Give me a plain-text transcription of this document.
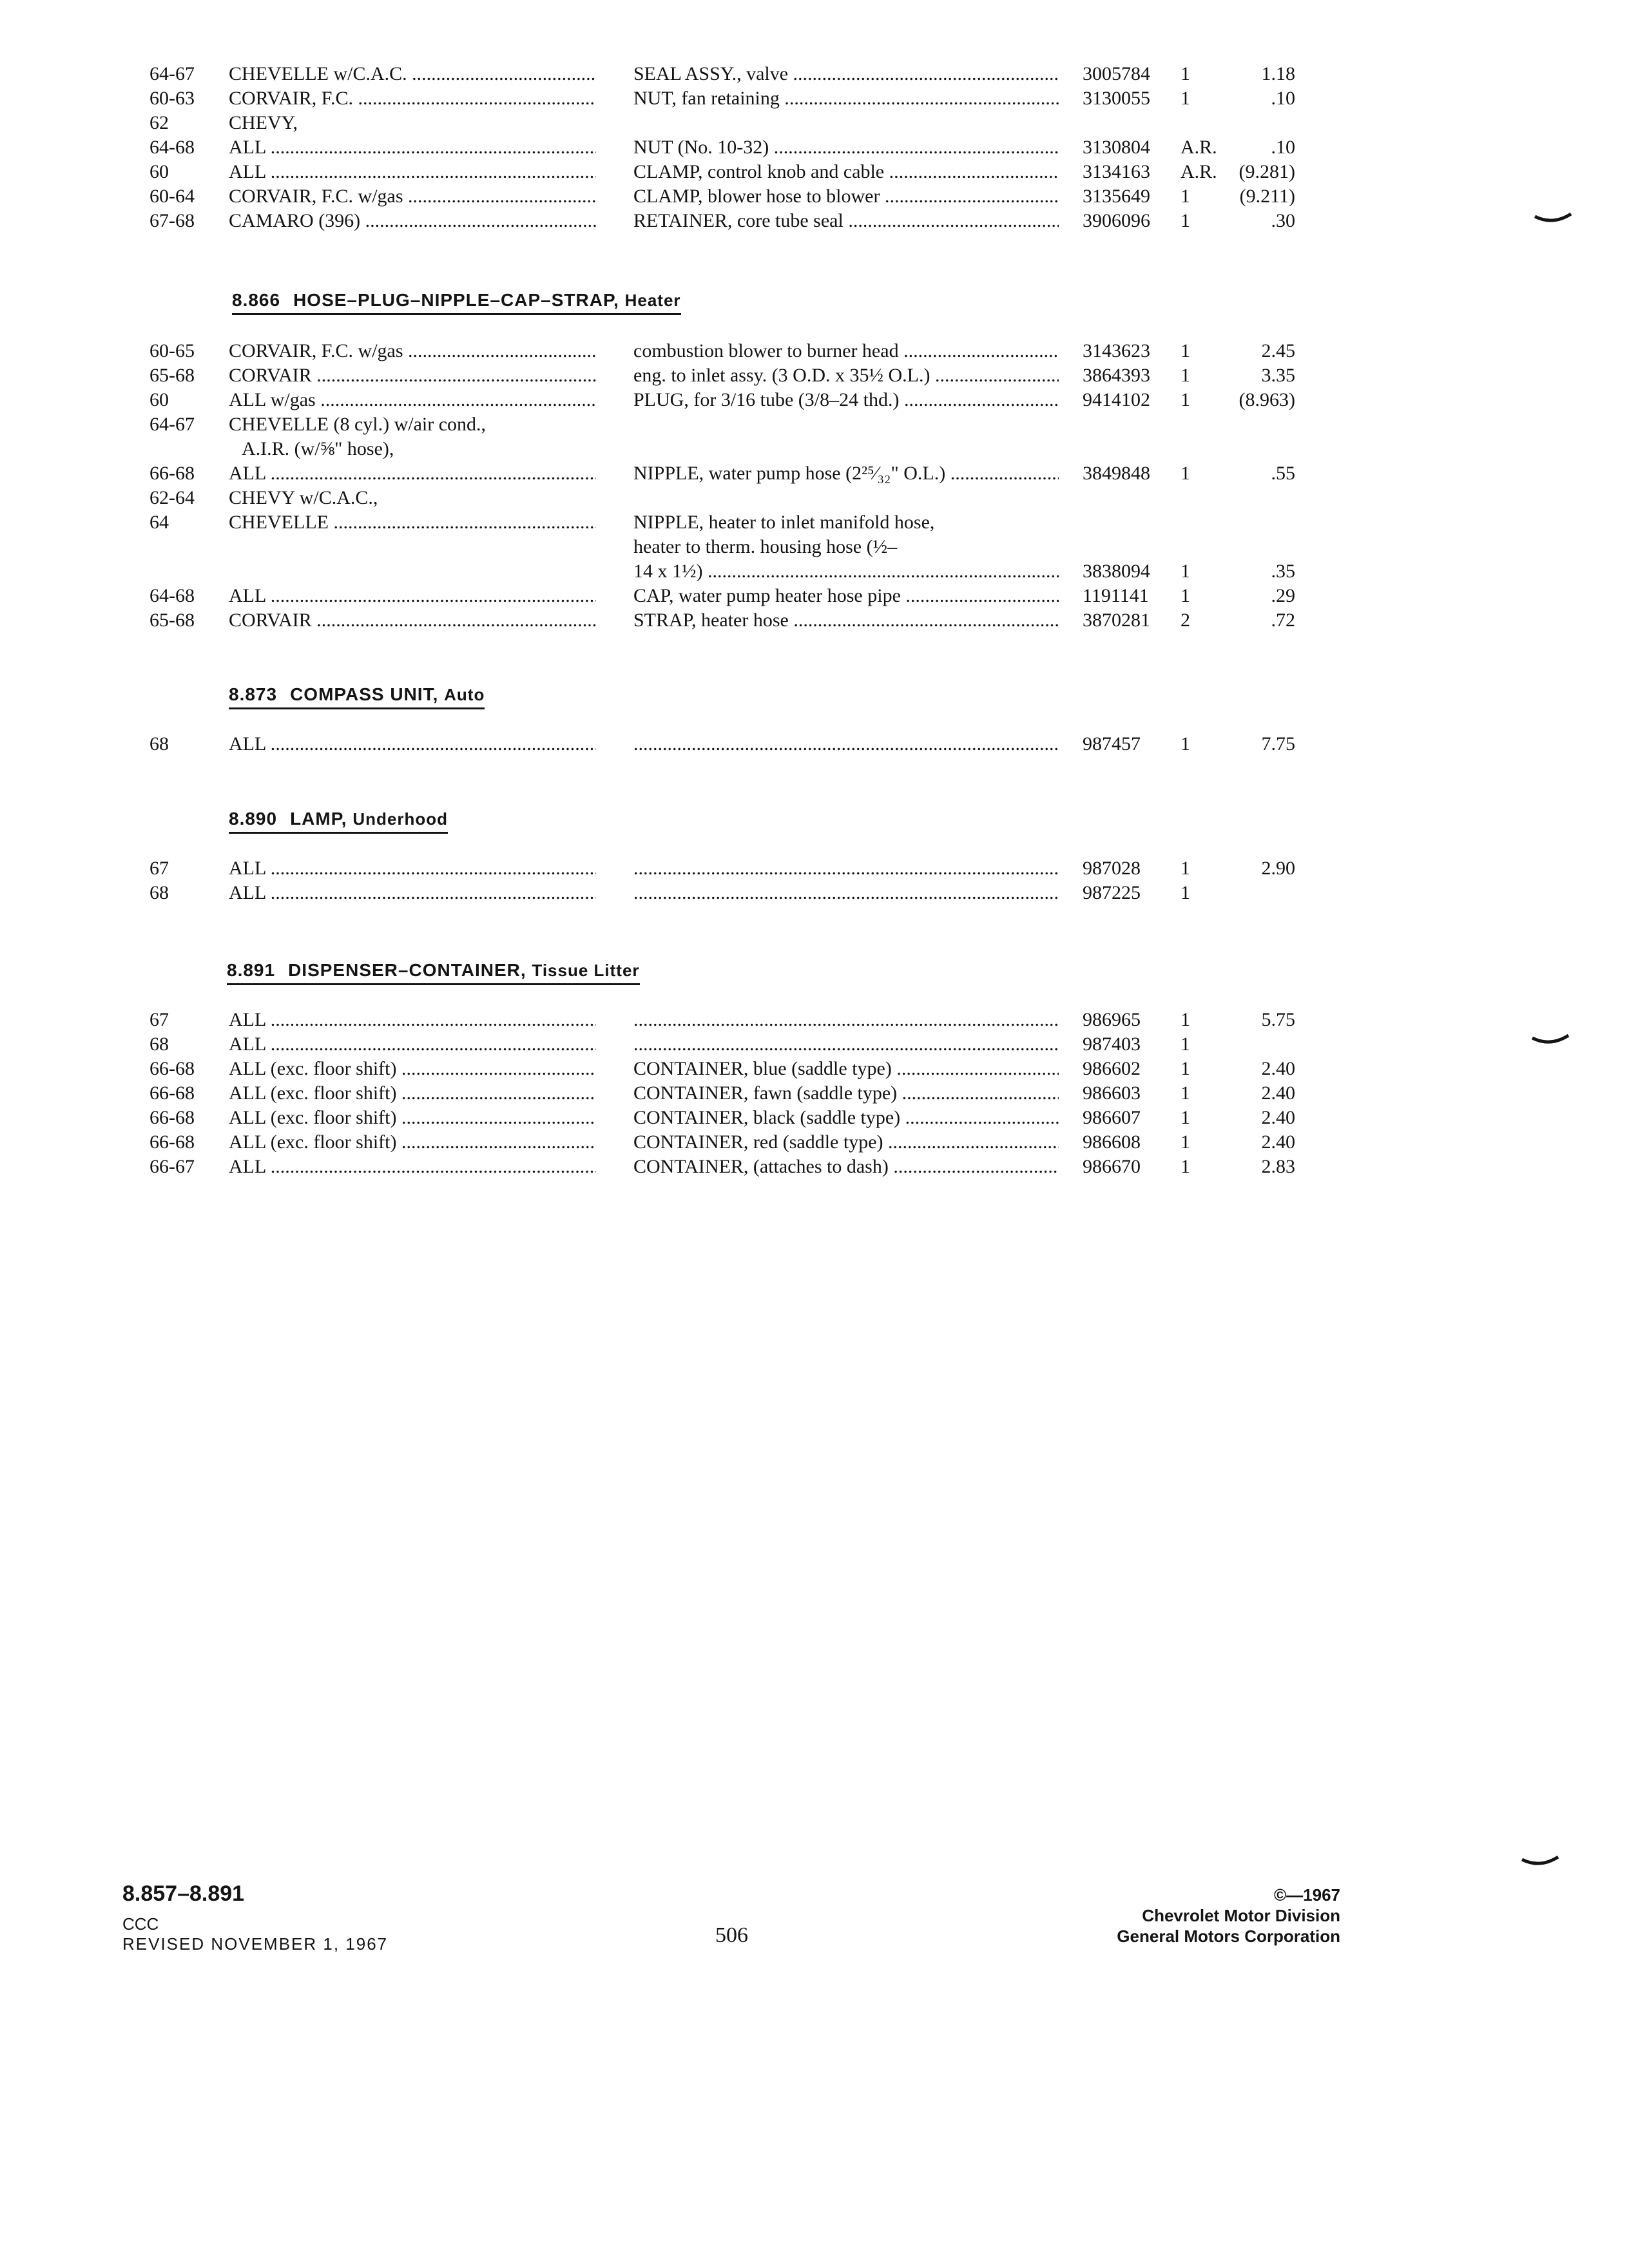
64-67 CHEVELLE w/C.A.C. .....	SEAL ASSY., valve .....	3005784 1	1.18
60-63 CORVAIR, F.C. .....	NUT, fan retaining .....	3130055 1	.10
62	CHEVY,
64-68 ALL .....	NUT (No. 10-32) .....	3130804 A.R.	.10
60	ALL .....	CLAMP, control knob and cable .....	3134163 A.R.	(9.281)
60-64 CORVAIR, F.C. w/gas .....	CLAMP, blower hose to blower .....	3135649 1	(9.211)
67-68 CAMARO (396) .....	RETAINER, core tube seal .....	3906096 1	.30
8.866 HOSE–PLUG–NIPPLE–CAP–STRAP, Heater
60-65 CORVAIR, F.C. w/gas .....	combustion blower to burner head .....	3143623 1	2.45
65-68 CORVAIR .....	eng. to inlet assy. (3 O.D. x 35½ O.L.) .....	3864393 1	3.35
60	ALL w/gas .....	PLUG, for 3/16 tube (3/8–24 thd.) .....	9414102 1	(8.963)
64-67 CHEVELLE (8 cyl.) w/air cond.,
A.I.R. (w/⅝" hose),
66-68 ALL .....	NIPPLE, water pump hose (2²⁵⁄₃₂" O.L.) .....	3849848 1	.55
62-64 CHEVY w/C.A.C.,
64	CHEVELLE .....	NIPPLE, heater to inlet manifold hose,
heater to therm. housing hose (½–
14 x 1½) .....	3838094 1	.35
64-68 ALL .....	CAP, water pump heater hose pipe .....	1191141 1	.29
65-68 CORVAIR .....	STRAP, heater hose .....	3870281 2	.72
8.873 COMPASS UNIT, Auto
68	ALL ..... .....	987457 1	7.75
8.890 LAMP, Underhood
67	ALL ..... .....	987028 1	2.90
68	ALL ..... .....	987225 1
8.891 DISPENSER–CONTAINER, Tissue Litter
67	ALL ..... .....	986965 1	5.75
68	ALL ..... .....	987403 1
66-68 ALL (exc. floor shift) .....	CONTAINER, blue (saddle type) .....	986602 1	2.40
66-68 ALL (exc. floor shift) .....	CONTAINER, fawn (saddle type) .....	986603 1	2.40
66-68 ALL (exc. floor shift) .....	CONTAINER, black (saddle type) .....	986607 1	2.40
66-68 ALL (exc. floor shift) .....	CONTAINER, red (saddle type) .....	986608 1	2.40
66-67 ALL .....	CONTAINER, (attaches to dash) .....	986670 1	2.83
8.857–8.891
CCC
REVISED NOVEMBER 1, 1967	506
©—1967
Chevrolet Motor Division
General Motors Corporation
